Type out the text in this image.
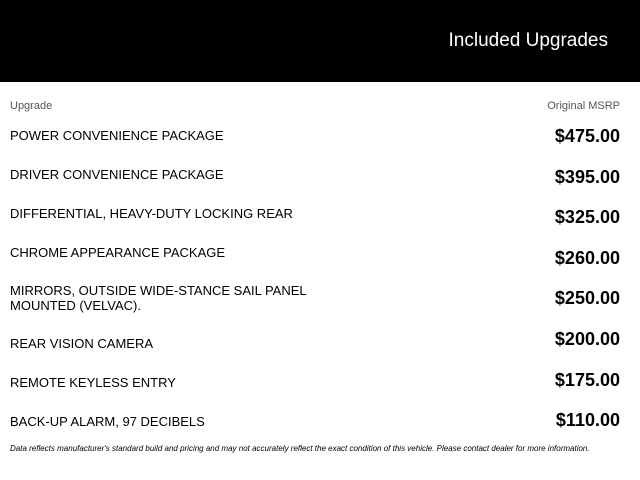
Included Upgrades
Upgrade	Original MSRP
POWER CONVENIENCE PACKAGE	$475.00
DRIVER CONVENIENCE PACKAGE	$395.00
DIFFERENTIAL, HEAVY-DUTY LOCKING REAR	$325.00
CHROME APPEARANCE PACKAGE	$260.00
MIRRORS, OUTSIDE WIDE-STANCE SAIL PANEL MOUNTED (VELVAC).	$250.00
REAR VISION CAMERA	$200.00
REMOTE KEYLESS ENTRY	$175.00
BACK-UP ALARM, 97 DECIBELS	$110.00
Data reflects manufacturer's standard build and pricing and may not accurately reflect the exact condition of this vehicle. Please contact dealer for more information.
